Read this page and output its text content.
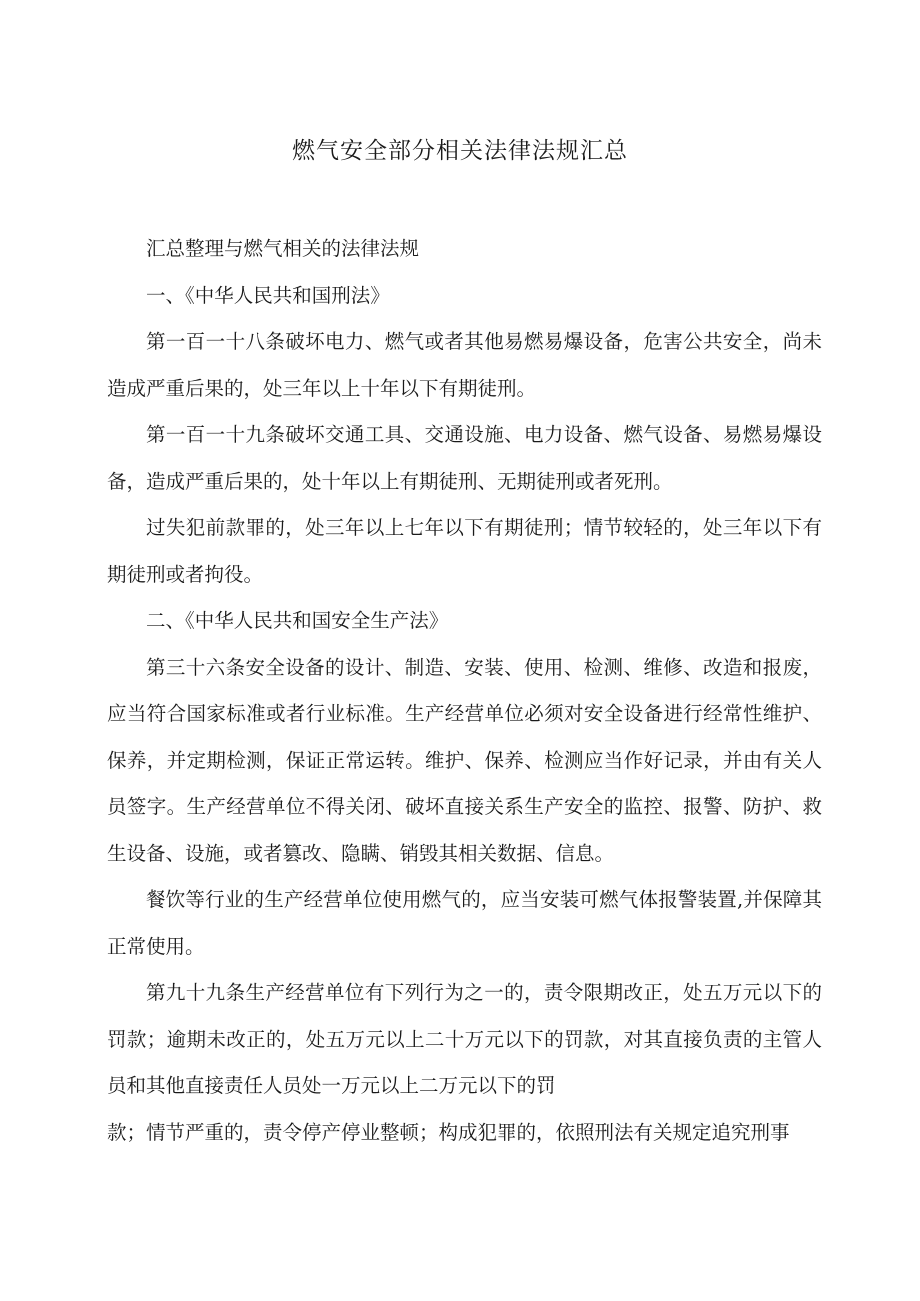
燃气安全部分相关法律法规汇总

汇总整理与燃气相关的法律法规

一、《中华人民共和国刑法》

第一百一十八条破坏电力、燃气或者其他易燃易爆设备，危害公共安全，尚未造成严重后果的，处三年以上十年以下有期徒刑。

第一百一十九条破坏交通工具、交通设施、电力设备、燃气设备、易燃易爆设备，造成严重后果的，处十年以上有期徒刑、无期徒刑或者死刑。

过失犯前款罪的，处三年以上七年以下有期徒刑；情节较轻的，处三年以下有期徒刑或者拘役。

二、《中华人民共和国安全生产法》

第三十六条安全设备的设计、制造、安装、使用、检测、维修、改造和报废，应当符合国家标准或者行业标准。生产经营单位必须对安全设备进行经常性维护、保养，并定期检测，保证正常运转。维护、保养、检测应当作好记录，并由有关人员签字。生产经营单位不得关闭、破坏直接关系生产安全的监控、报警、防护、救生设备、设施，或者篡改、隐瞒、销毁其相关数据、信息。

餐饮等行业的生产经营单位使用燃气的，应当安装可燃气体报警装置,并保障其正常使用。

第九十九条生产经营单位有下列行为之一的，责令限期改正，处五万元以下的罚款；逾期未改正的，处五万元以上二十万元以下的罚款，对其直接负责的主管人员和其他直接责任人员处一万元以上二万元以下的罚

款；情节严重的，责令停产停业整顿；构成犯罪的，依照刑法有关规定追究刑事
